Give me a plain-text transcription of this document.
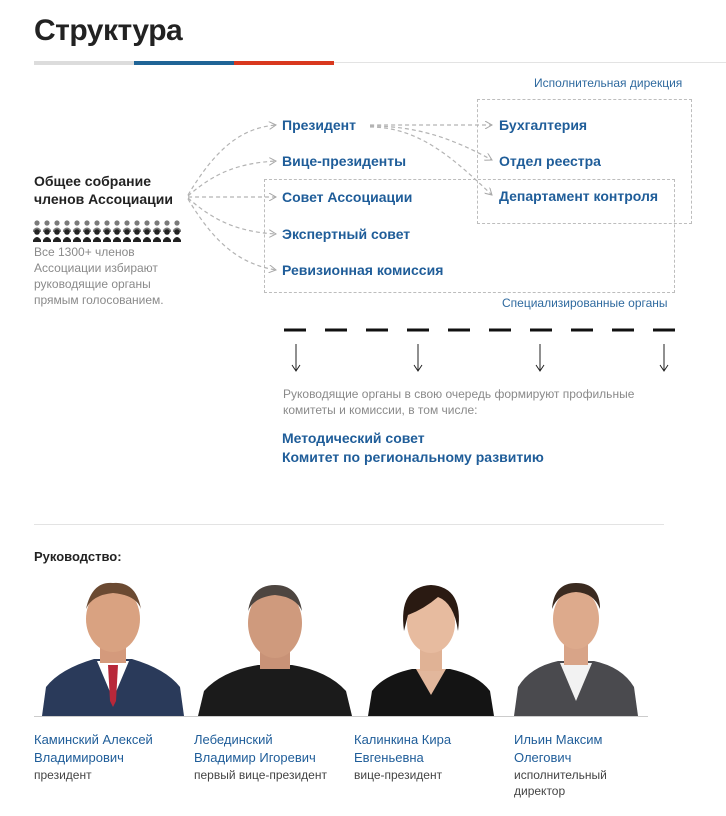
Структура
Исполнительная дирекция
Специализированные органы
Общее собрание
членов Ассоциации
Все 1300+ членов Ассоциации избирают руководящие органы прямым голосованием.
Президент
Вице-президенты
Совет Ассоциации
Экспертный совет
Ревизионная комиссия
Бухгалтерия
Отдел реестра
Департамент контроля
Руководящие органы в свою очередь формируют профильные комитеты и комиссии, в том числе:
Методический совет
Комитет по региональному развитию
Руководство:
Каминский Алексей
Владимирович
президент
Лебединский
Владимир Игоревич
первый вице-президент
Калинкина Кира
Евгеньевна
вице-президент
Ильин Максим
Олегович
исполнительный директор
